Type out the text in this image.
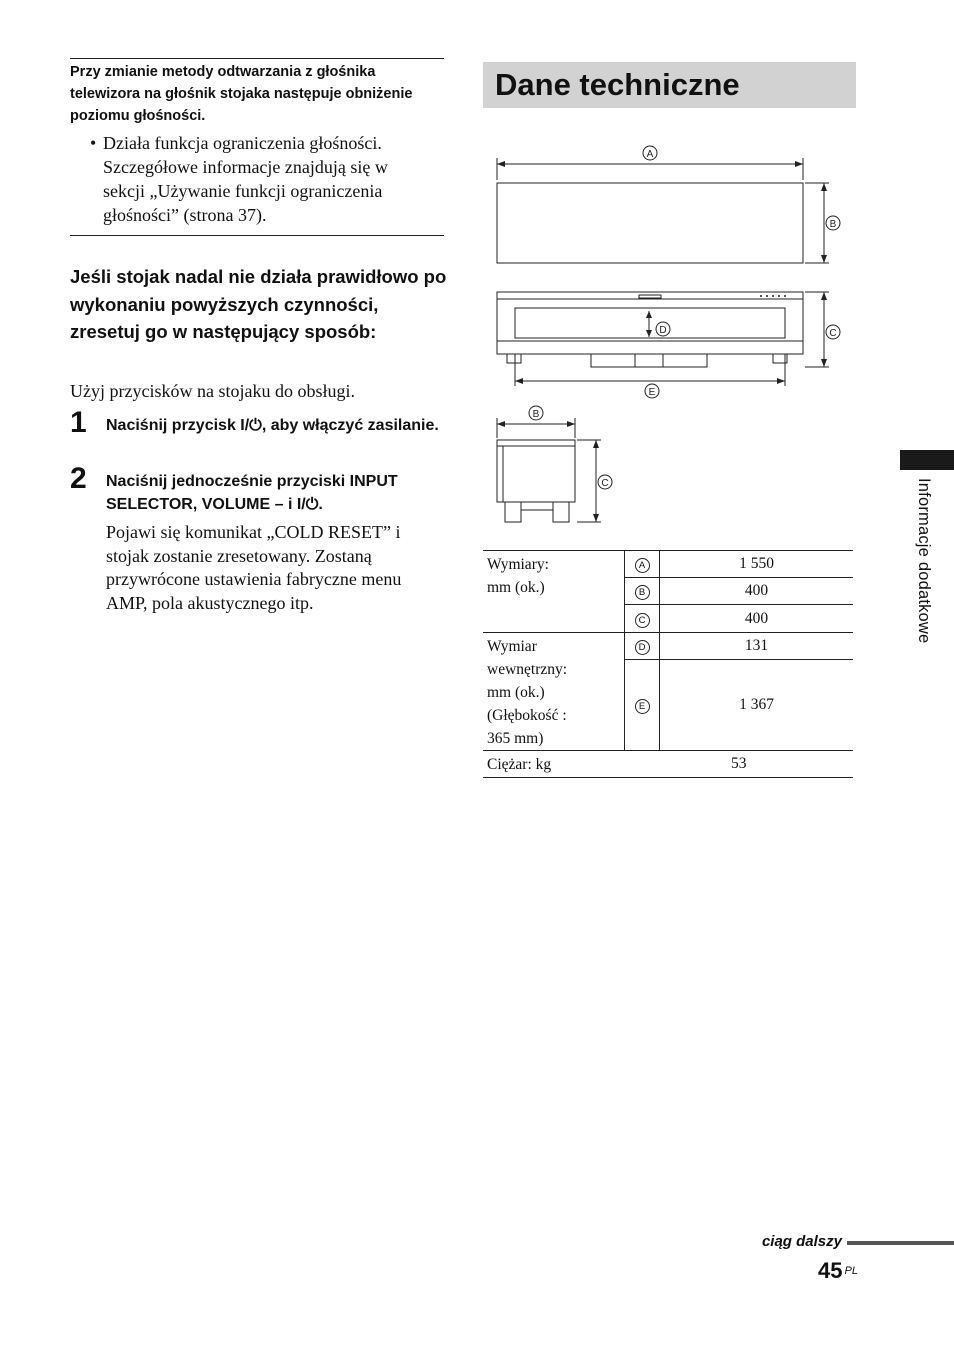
Przy zmianie metody odtwarzania z głośnika telewizora na głośnik stojaka następuje obniżenie poziomu głośności.

• Działa funkcja ograniczenia głośności. Szczegółowe informacje znajdują się w sekcji „Używanie funkcji ograniczenia głośności” (strona 37).
Jeśli stojak nadal nie działa prawidłowo po wykonaniu powyższych czynności, zresetuj go w następujący sposób:
Użyj przycisków na stojaku do obsługi.
1 Naciśnij przycisk I/⏻, aby włączyć zasilanie.
2 Naciśnij jednocześnie przyciski INPUT SELECTOR, VOLUME – i I/⏻.
Pojawi się komunikat „COLD RESET” i stojak zostanie zresetowany. Zostaną przywrócone ustawienia fabryczne menu AMP, pola akustycznego itp.
Dane techniczne
A
B
D	C
E
B
C
Wymiary:
mm (ok.)	A	1 550
	B	400
	C	400
Wymiar
wewnętrzny:
mm (ok.)
(Głębokość :
365 mm)	D	131
	E	1 367
Ciężar: kg	53	
Informacje dodatkowe
ciąg dalszy
45 $^{PL}$
